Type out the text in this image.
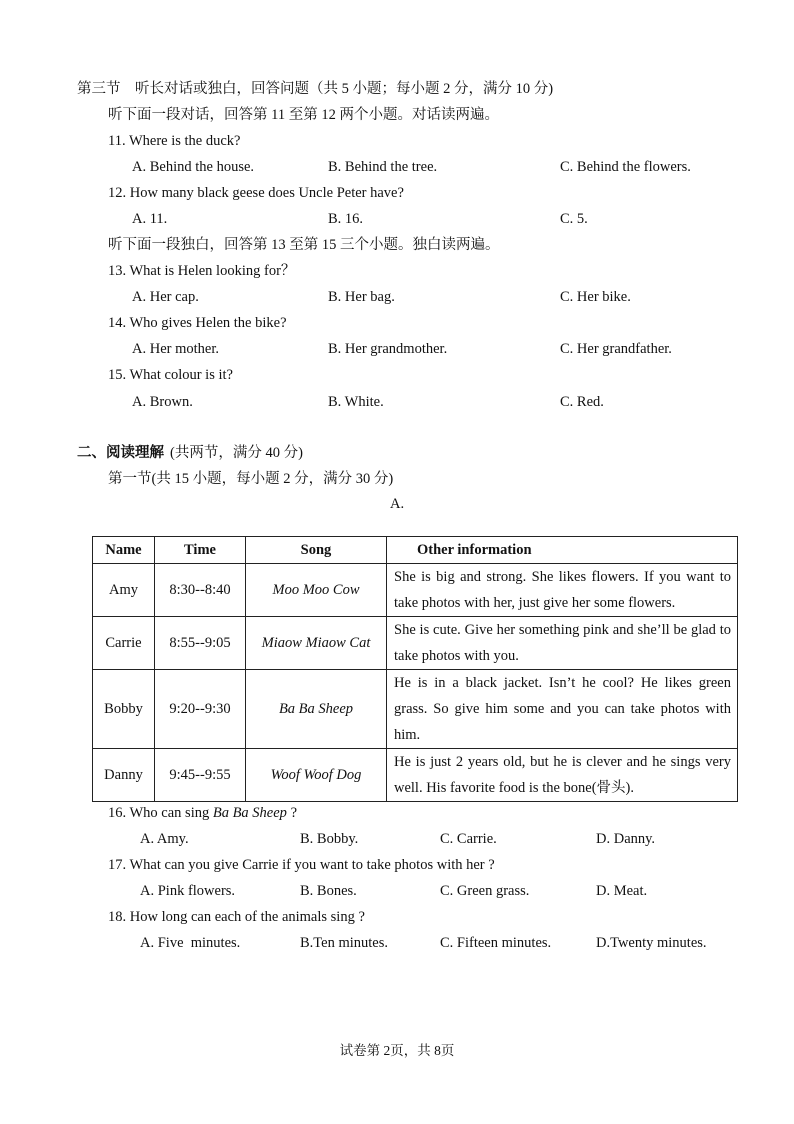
第三节　听长对话或独白，回答问题（共 5 小题；每小题 2 分，满分 10 分)
听下面一段对话，回答第 11 至第 12 两个小题。对话读两遍。
11. Where is the duck?
A. Behind the house.	B. Behind the tree.	C. Behind the flowers.
12. How many black geese does Uncle Peter have?
A. 11.	B. 16.	C. 5.
听下面一段独白，回答第 13 至第 15 三个小题。独白读两遍。
13. What is Helen looking for？
A. Her cap.	B. Her bag.	C. Her bike.
14. Who gives Helen the bike?
A. Her mother.	B. Her grandmother.	C. Her grandfather.
15. What colour is it?
A. Brown.	B. White.	C. Red.
二、阅读理解 (共两节，满分 40 分)
第一节(共 15 小题，每小题 2 分，满分 30 分)
A.
Name	Time	Song	Other information
Amy	8:30--8:40	Moo Moo Cow	She is big and strong. She likes flowers. If you want to take photos with her, just give her some flowers.
Carrie	8:55--9:05	Miaow Miaow Cat	She is cute. Give her something pink and she’ll be glad to take photos with you.
Bobby	9:20--9:30	Ba Ba Sheep	He is in a black jacket. Isn’t he cool? He likes green grass. So give him some and you can take photos with him.
Danny	9:45--9:55	Woof Woof Dog	He is just 2 years old, but he is clever and he sings very well. His favorite food is the bone(骨头).
16. Who can sing Ba Ba Sheep ?
A. Amy.	B. Bobby.	C. Carrie.	D. Danny.
17. What can you give Carrie if you want to take photos with her ?
A. Pink flowers.	B. Bones.	C. Green grass.	D. Meat.
18. How long can each of the animals sing ?
A. Five  minutes.	B.Ten minutes.	C. Fifteen minutes.	D.Twenty minutes.
试卷第 2页，共 8页
